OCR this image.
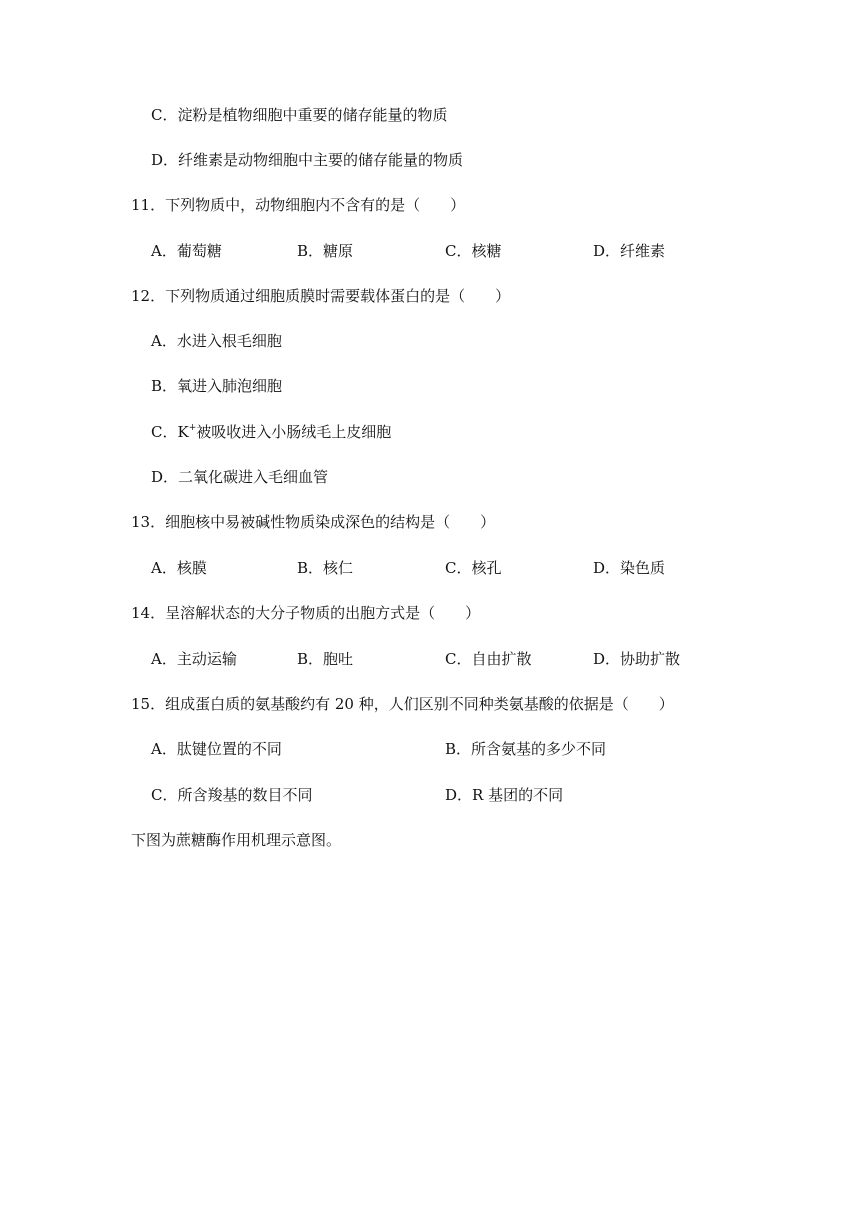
C．淀粉是植物细胞中重要的储存能量的物质
D．纤维素是动物细胞中主要的储存能量的物质
11．下列物质中，动物细胞内不含有的是（　　）
A．葡萄糖	B．糖原	C．核糖	D．纤维素
12．下列物质通过细胞质膜时需要载体蛋白的是（　　）
A．水进入根毛细胞
B．氧进入肺泡细胞
C．K+被吸收进入小肠绒毛上皮细胞
D．二氧化碳进入毛细血管
13．细胞核中易被碱性物质染成深色的结构是（　　）
A．核膜	B．核仁	C．核孔	D．染色质
14．呈溶解状态的大分子物质的出胞方式是（　　）
A．主动运输	B．胞吐	C．自由扩散	D．协助扩散
15．组成蛋白质的氨基酸约有 20 种，人们区别不同种类氨基酸的依据是（　　）
A．肽键位置的不同	B．所含氨基的多少不同
C．所含羧基的数目不同	D．R 基团的不同
下图为蔗糖酶作用机理示意图。
